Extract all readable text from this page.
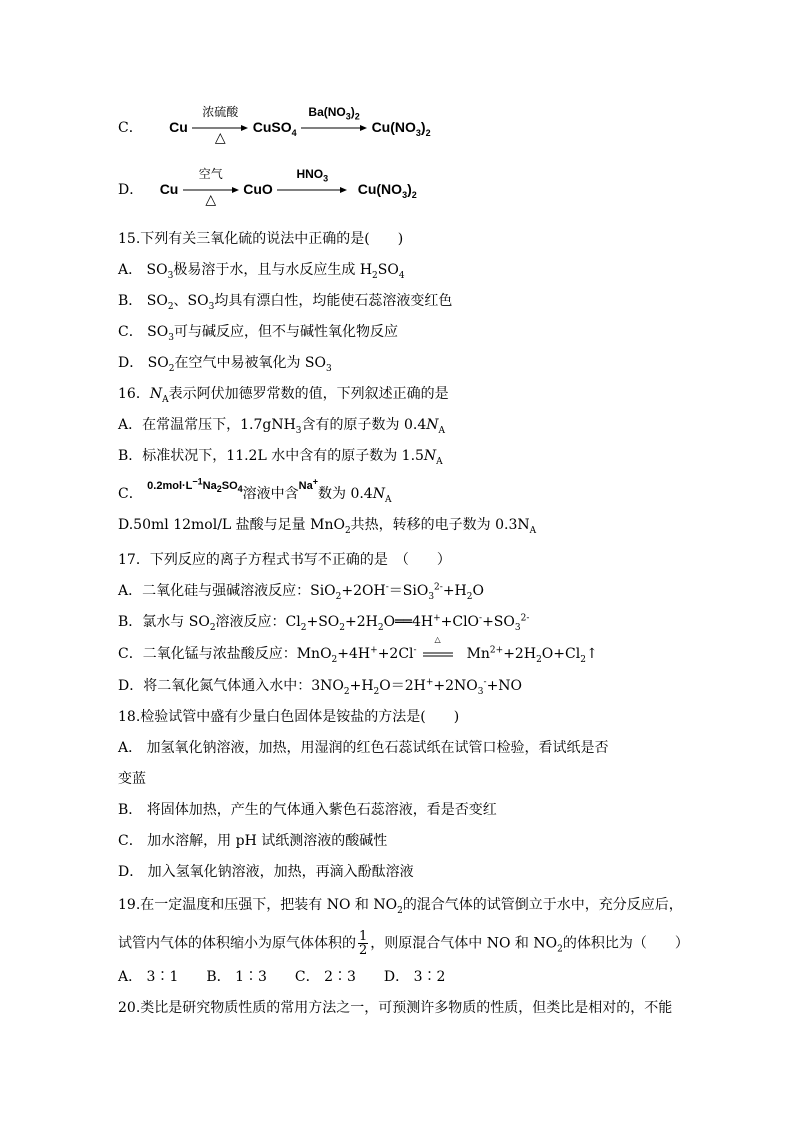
C． Cu
浓硫酸
△
CuSO$_4$
$Ba(NO_3)_2$
$Cu(NO_3)_2$
D． Cu
空气
△
CuO
$HNO_3$
$Cu(NO_3)_2$
15.下列有关三氧化硫的说法中正确的是(　　)
A． $SO_3$极易溶于水，且与水反应生成 $H_2SO_4$
B． $SO_2$、$SO_3$均具有漂白性，均能使石蕊溶液变红色
C． $SO_3$可与碱反应，但不与碱性氧化物反应
D． $SO_2$在空气中易被氧化为 $SO_3$
16．$N_A$表示阿伏加德罗常数的值，下列叙述正确的是
A．在常温常压下，1.7gNH$_3$含有的原子数为 $0.4N_A$
B．标准状况下，11.2L 水中含有的原子数为 $1.5N_A$
C． $^{0.2mol\cdot L^{-1}Na_2SO_4}$溶液中含$^{Na^+}$数为 $0.4N_A$
D.50ml 12mol/L 盐酸与足量 MnO$_2$共热，转移的电子数为 $0.3N_A$
17．下列反应的离子方程式书写不正确的是　（　　）
A．二氧化硅与强碱溶液反应：$SiO_2+2OH^-=SiO_3^{2-}+H_2O$
B．氯水与 $SO_2$溶液反应：$Cl_2+SO_2+2H_2O══4H^++ClO^-+SO_3^{2-}$
C．二氧化锰与浓盐酸反应：MnO$_2$+4H++2Cl-
△
$Mn^{2+}+2H_2O+Cl_2↑$
D．将二氧化氮气体通入水中：$3NO_2+H_2O=2H^++2NO_3^-+NO$
18.检验试管中盛有少量白色固体是铵盐的方法是(　　)
A． 加氢氧化钠溶液，加热，用湿润的红色石蕊试纸在试管口检验，看试纸是否
变蓝
B． 将固体加热，产生的气体通入紫色石蕊溶液，看是否变红
C． 加水溶解，用 pH 试纸测溶液的酸碱性
D． 加入氢氧化钠溶液，加热，再滴入酚酞溶液
19.在一定温度和压强下，把装有 NO 和 $NO_2$的混合气体的试管倒立于水中，充分反应后，
试管内气体的体积缩小为原气体体积的 $\frac{1}{2}$ ，则原混合气体中 NO 和 $NO_2$的体积比为（　　）
A． 3∶1　　B． 1∶3　　C． 2∶3　　D． 3∶2
20.类比是研究物质性质的常用方法之一，可预测许多物质的性质，但类比是相对的，不能
